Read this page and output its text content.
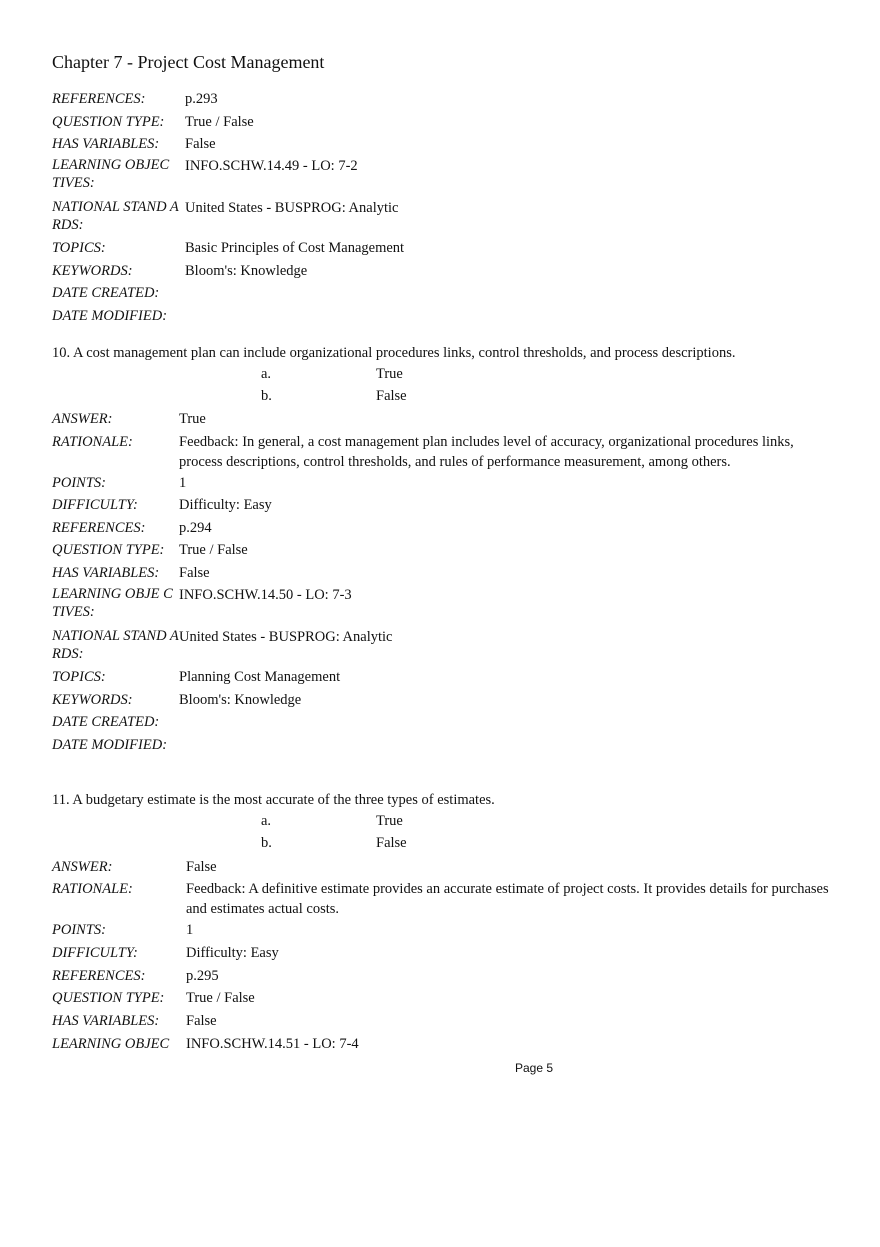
Chapter 7 - Project Cost Management
REFERENCES:	p.293
QUESTION TYPE: True / False
HAS VARIABLES: False
LEARNING OBJEC TIVES:
INFO.SCHW.14.49 - LO: 7-2
NATIONAL STAND ARDS:
United States - BUSPROG: Analytic
TOPICS:	Basic Principles of Cost Management
KEYWORDS:	Bloom's: Knowledge
DATE CREATED:
DATE MODIFIED:
10. A cost management plan can include organizational procedures links, control thresholds, and process descriptions.
a.	True
b.	False
ANSWER:	True
RATIONALE:	Feedback: In general, a cost management plan includes level of accuracy, organizational procedures links, process descriptions, control thresholds, and rules of performance measurement, among others.
POINTS:	1
DIFFICULTY:	Difficulty: Easy
REFERENCES: p.294
QUESTION TYPE: True / False
HAS VARIABLES: False
LEARNING OBJE CTIVES:
INFO.SCHW.14.50 - LO: 7-3
NATIONAL STAND ARDS:
United States - BUSPROG: Analytic
TOPICS:	Planning Cost Management
KEYWORDS:	Bloom's: Knowledge
DATE CREATED:
DATE MODIFIED:
11. A budgetary estimate is the most accurate of the three types of estimates.
a.	True
b.	False
ANSWER:	False
RATIONALE:	Feedback: A definitive estimate provides an accurate estimate of project costs. It provides details for purchases and estimates actual costs.
POINTS:	1
DIFFICULTY:	Difficulty: Easy
REFERENCES:	p.295
QUESTION TYPE: True / False
HAS VARIABLES: False
LEARNING OBJEC INFO.SCHW.14.51 - LO: 7-4
Page 5
